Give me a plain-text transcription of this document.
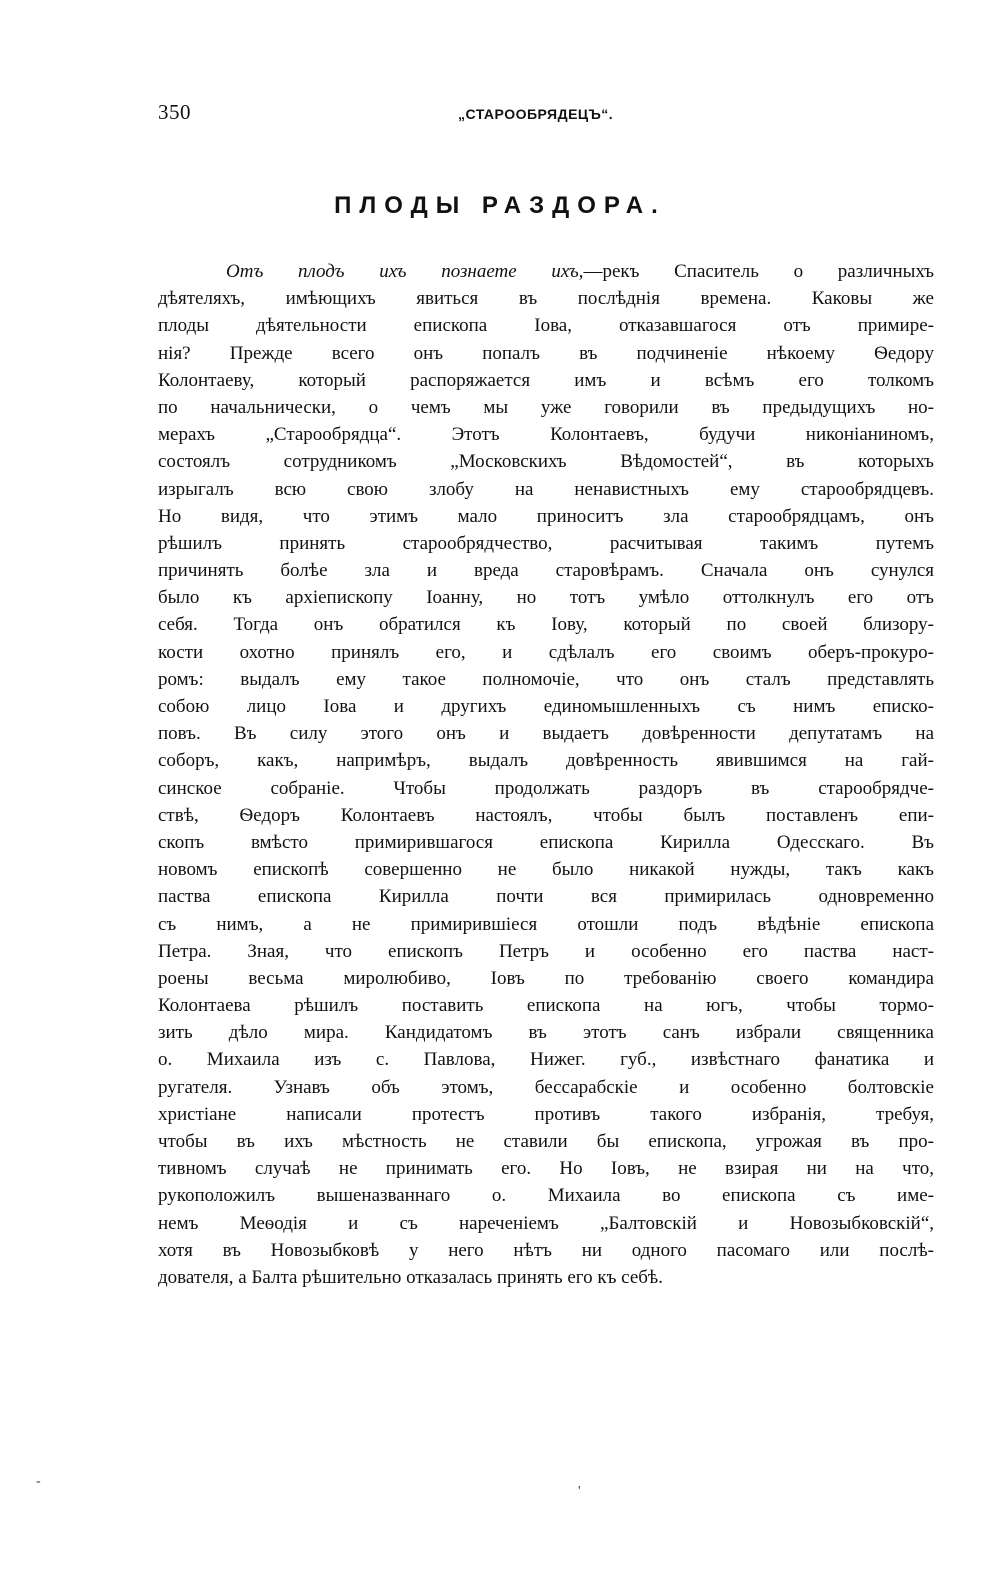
350	„СТАРООБРЯДЕЦЪ“.
ПЛОДЫ РАЗДОРА.
Отъ плодъ ихъ познаете ихъ,—рекъ Спаситель о различныхъ
дѣятеляхъ, имѣющихъ явиться въ послѣднія времена. Каковы же
плоды дѣятельности епископа Іова, отказавшагося отъ примире-
нія? Прежде всего онъ попалъ въ подчиненіе нѣкоему Ѳедору
Колонтаеву, который распоряжается имъ и всѣмъ его толкомъ
по начальнически, о чемъ мы уже говорили въ предыдущихъ но-
мерахъ „Старообрядца“. Этотъ Колонтаевъ, будучи никоніаниномъ,
состоялъ сотрудникомъ „Московскихъ Вѣдомостей“, въ которыхъ
изрыгалъ всю свою злобу на ненавистныхъ ему старообрядцевъ.
Но видя, что этимъ мало приноситъ зла старообрядцамъ, онъ
рѣшилъ принять старообрядчество, расчитывая такимъ путемъ
причинять болѣе зла и вреда старовѣрамъ. Сначала онъ сунулся
было къ архіепископу Іоанну, но тотъ умѣло оттолкнулъ его отъ
себя. Тогда онъ обратился къ Іову, который по своей близору-
кости охотно принялъ его, и сдѣлалъ его своимъ оберъ-прокуро-
ромъ: выдалъ ему такое полномочіе, что онъ сталъ представлять
собою лицо Іова и другихъ единомышленныхъ съ нимъ еписко-
повъ. Въ силу этого онъ и выдаетъ довѣренности депутатамъ на
соборъ, какъ, напримѣръ, выдалъ довѣренность явившимся на гай-
синское собраніе. Чтобы продолжать раздоръ въ старообрядче-
ствѣ, Ѳедоръ Колонтаевъ настоялъ, чтобы былъ поставленъ епи-
скопъ вмѣсто примирившагося епископа Кирилла Одесскаго. Въ
новомъ епископѣ совершенно не было никакой нужды, такъ какъ
паства епископа Кирилла почти вся примирилась одновременно
съ нимъ, а не примирившіеся отошли подъ вѣдѣніе епископа
Петра. Зная, что епископъ Петръ и особенно его паства наст-
роены весьма миролюбиво, Іовъ по требованію своего командира
Колонтаева рѣшилъ поставить епископа на югъ, чтобы тормо-
зить дѣло мира. Кандидатомъ въ этотъ санъ избрали священника
о. Михаила изъ с. Павлова, Нижег. губ., извѣстнаго фанатика и
ругателя. Узнавъ объ этомъ, бессарабскіе и особенно болтовскіе
христіане написали протестъ противъ такого избранія, требуя,
чтобы въ ихъ мѣстность не ставили бы епископа, угрожая въ про-
тивномъ случаѣ не принимать его. Но Іовъ, не взирая ни на что,
рукоположилъ вышеназваннаго о. Михаила во епископа съ име-
немъ Меѳодія и съ нареченіемъ „Балтовскій и Новозыбковскій“,
хотя въ Новозыбковѣ у него нѣтъ ни одного пасомаго или послѣ-
дователя, а Балта рѣшительно отказалась принять его къ себѣ.
-
'
